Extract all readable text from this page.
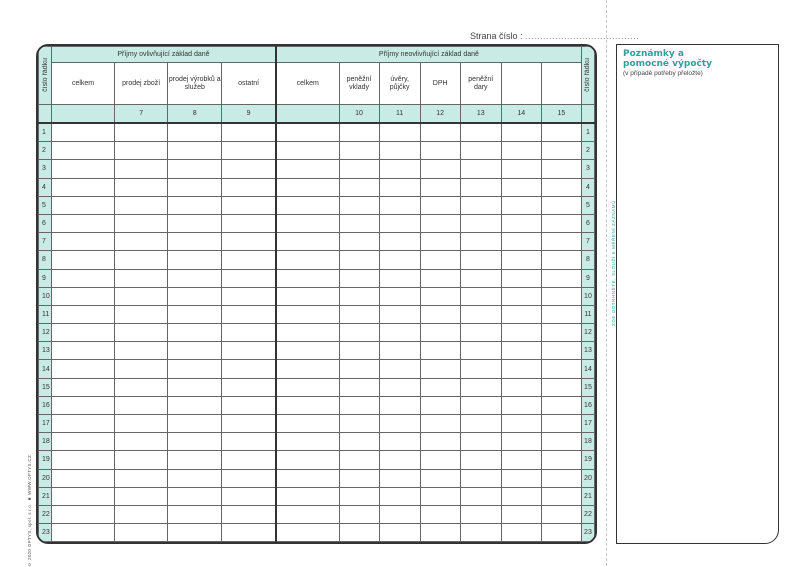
Strana číslo : ......................................
číslo řádku	Příjmy ovlivňující základ daně				Příjmy neovlivňující základ daně							číslo řádku
	celkem	prodej zboží	prodej výrobků a služeb	ostatní	celkem	peněžní vklady	úvěry, půjčky	DPH	peněžní dary			
		7	8	9		10	11	12	13	14	15	
1												1
2												2
3												3
4												4
5												5
6												6
7												7
8												8
9												9
10												10
11												11
12												12
13												13
14												14
15												15
16												16
17												17
18												18
19												19
20												20
21												21
22												22
23												23
ZDE ODTRHNĚTE, SLOUŽÍ K MĚŘENÍ ZÁZNAMŮ
© 2020 OPTYS, spol. s r.o. ■ WWW.OPTYS.CZ
Poznámky a pomocné výpočty
(v případě potřeby přeložte)
